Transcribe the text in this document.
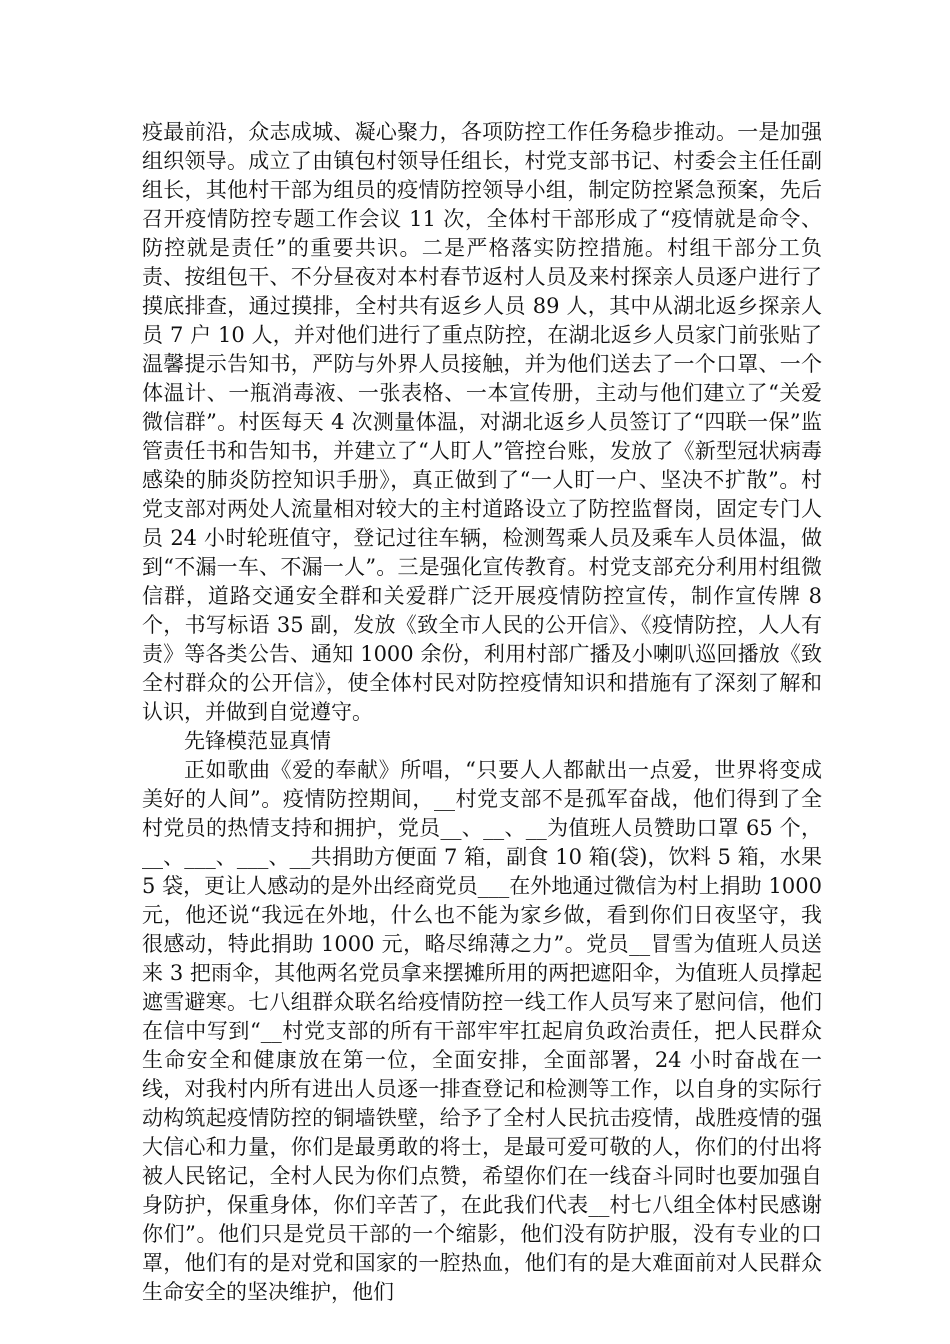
疫最前沿，众志成城、凝心聚力，各项防控工作任务稳步推动。一是加强组织领导。成立了由镇包村领导任组长，村党支部书记、村委会主任任副组长，其他村干部为组员的疫情防控领导小组，制定防控紧急预案，先后召开疫情防控专题工作会议 11 次，全体村干部形成了“疫情就是命令、防控就是责任”的重要共识。二是严格落实防控措施。村组干部分工负责、按组包干、不分昼夜对本村春节返村人员及来村探亲人员逐户进行了摸底排查，通过摸排，全村共有返乡人员 89 人，其中从湖北返乡探亲人员 7 户 10 人，并对他们进行了重点防控，在湖北返乡人员家门前张贴了温馨提示告知书，严防与外界人员接触，并为他们送去了一个口罩、一个体温计、一瓶消毒液、一张表格、一本宣传册，主动与他们建立了“关爱微信群”。村医每天 4 次测量体温，对湖北返乡人员签订了“四联一保”监管责任书和告知书，并建立了“人盯人”管控台账，发放了《新型冠状病毒感染的肺炎防控知识手册》，真正做到了“一人盯一户、坚决不扩散”。村党支部对两处人流量相对较大的主村道路设立了防控监督岗，固定专门人员 24 小时轮班值守，登记过往车辆，检测驾乘人员及乘车人员体温，做到“不漏一车、不漏一人”。三是强化宣传教育。村党支部充分利用村组微信群，道路交通安全群和关爱群广泛开展疫情防控宣传，制作宣传牌 8 个，书写标语 35 副，发放《致全市人民的公开信》、《疫情防控，人人有责》等各类公告、通知 1000 余份，利用村部广播及小喇叭巡回播放《致全村群众的公开信》，使全体村民对防控疫情知识和措施有了深刻了解和认识，并做到自觉遵守。

先锋模范显真情

正如歌曲《爱的奉献》所唱，“只要人人都献出一点爱，世界将变成美好的人间”。疫情防控期间，__村党支部不是孤军奋战，他们得到了全村党员的热情支持和拥护，党员__、__、__为值班人员赞助口罩 65 个，__、___、___、__共捐助方便面 7 箱，副食 10 箱(袋)，饮料 5 箱，水果 5 袋，更让人感动的是外出经商党员___在外地通过微信为村上捐助 1000 元，他还说“我远在外地，什么也不能为家乡做，看到你们日夜坚守，我很感动，特此捐助 1000 元，略尽绵薄之力”。党员__冒雪为值班人员送来 3 把雨伞，其他两名党员拿来摆摊所用的两把遮阳伞，为值班人员撑起遮雪避寒。七八组群众联名给疫情防控一线工作人员写来了慰问信，他们在信中写到“__村党支部的所有干部牢牢扛起肩负政治责任，把人民群众生命安全和健康放在第一位，全面安排，全面部署，24 小时奋战在一线，对我村内所有进出人员逐一排查登记和检测等工作，以自身的实际行动构筑起疫情防控的铜墙铁壁，给予了全村人民抗击疫情，战胜疫情的强大信心和力量，你们是最勇敢的将士，是最可爱可敬的人，你们的付出将被人民铭记，全村人民为你们点赞，希望你们在一线奋斗同时也要加强自身防护，保重身体，你们辛苦了，在此我们代表__村七八组全体村民感谢你们”。他们只是党员干部的一个缩影，他们没有防护服，没有专业的口罩，他们有的是对党和国家的一腔热血，他们有的是大难面前对人民群众生命安全的坚决维护，他们
